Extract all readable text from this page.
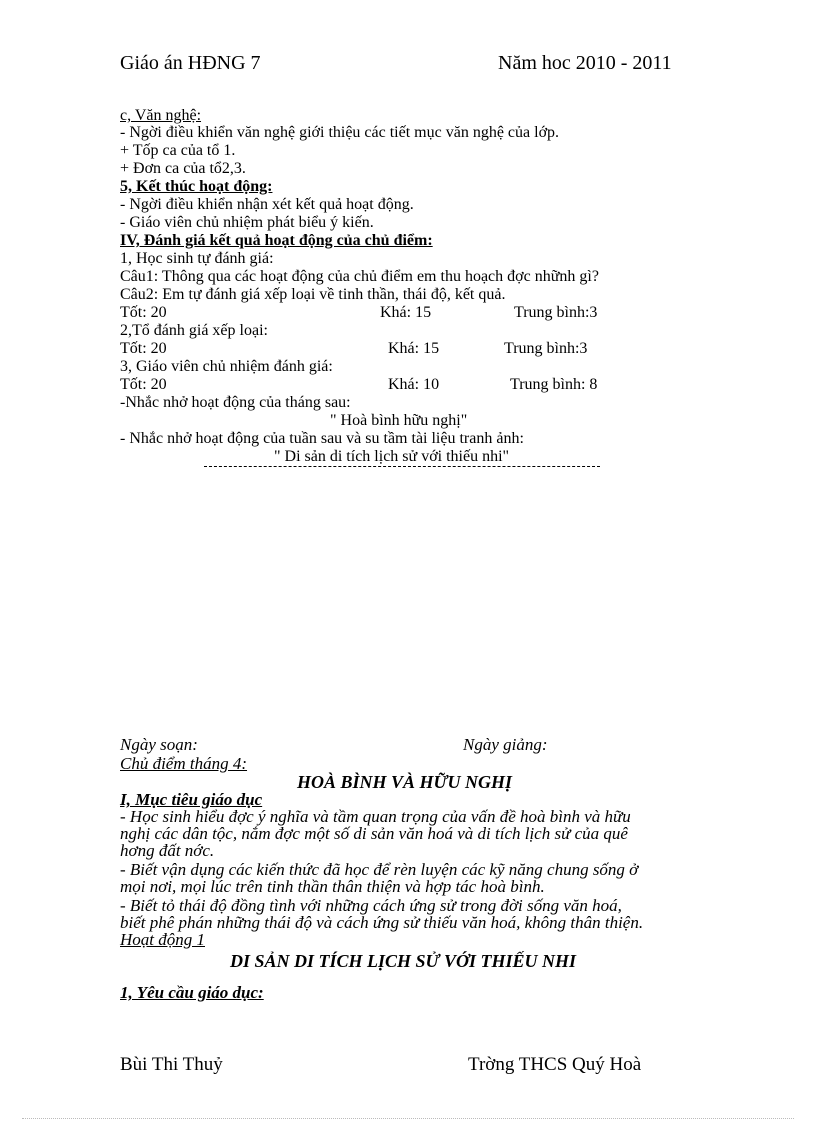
Giáo án HĐNG 7	Năm hoc 2010 - 2011
c, Văn nghệ:
- Ngời điều khiển văn nghệ giới thiệu các tiết mục văn nghệ của lớp.
+ Tốp ca của tổ 1.
+ Đơn ca của tổ2,3.
5, Kết thúc hoạt động:
- Ngời điều khiển nhận xét kết quả hoạt động.
- Giáo viên chủ nhiệm phát biểu ý kiến.
IV, Đánh giá kết quả hoạt động của chủ điểm:
1, Học sinh tự đánh giá:
Câu1: Thông qua các hoạt động của chủ điểm em thu hoạch đợc nhữnh gì?
Câu2: Em tự đánh giá xếp loại về tinh thần, thái độ, kết quả.
Tốt: 20	Khá: 15	Trung bình:3
2,Tổ đánh giá xếp loại:
Tốt: 20	Khá: 15	Trung bình:3
3, Giáo viên chủ nhiệm đánh giá:
Tốt: 20	Khá: 10	Trung bình: 8
-Nhắc nhở hoạt động của tháng sau:
" Hoà bình hữu nghị"
- Nhắc nhở hoạt động của tuần sau và su tầm tài liệu tranh ảnh:
" Di sản di tích lịch sử với thiếu nhi"
Ngày soạn:	Ngày giảng:
Chủ điểm tháng 4:
HOÀ BÌNH VÀ HỮU NGHỊ
I, Mục tiêu giáo dục
- Học sinh hiểu đợc ý nghĩa và tầm quan trọng của vấn đề hoà bình và hữu
nghị các dân tộc, nắm đợc một số di sản văn hoá và di tích lịch sử của quê
hơng đất nớc.
- Biết vận dụng các kiến thức đã học để rèn luyện các kỹ năng chung sống ở
mọi nơi, mọi lúc trên tinh thần thân thiện và hợp tác hoà bình.
- Biết tỏ thái độ đồng tình với những cách ứng sử trong đời sống văn hoá,
biết phê phán những thái độ và cách ứng sử thiếu văn hoá, không thân thiện.
Hoạt động 1
DI SẢN DI TÍCH LỊCH SỬ VỚI THIẾU NHI
1, Yêu cầu giáo dục:
Bùi Thi Thuỷ	Trờng THCS Quý Hoà
